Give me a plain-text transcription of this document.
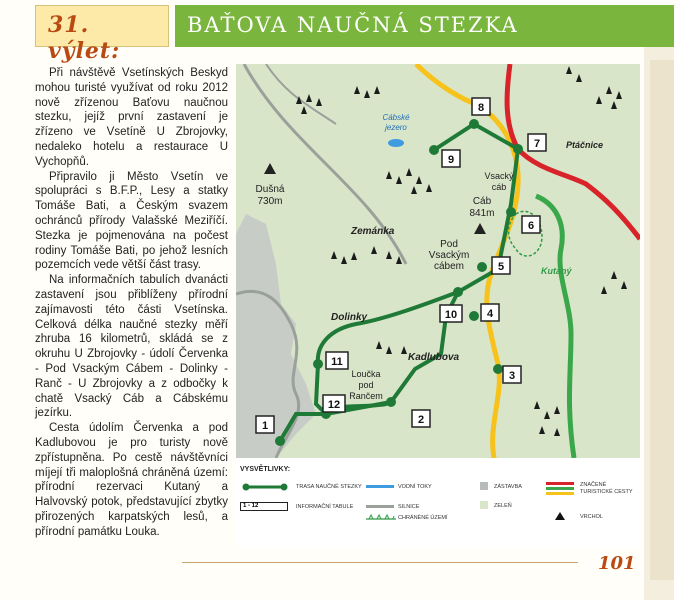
31. výlet:
BAŤOVA NAUČNÁ STEZKA

Při návštěvě Vsetínských Beskyd mohou turisté využívat od roku 2012 nově zřízenou Baťovu naučnou stezku, jejíž první zastavení je zřízeno ve Vsetíně U Zbrojovky, nedaleko hotelu a restaurace U Vychopňů.

Připravilo ji Město Vsetín ve spolupráci s B.F.P., Lesy a statky Tomáše Bati, a Českým svazem ochránců přírody Valašské Meziříčí. Stezka je pojmenována na počest rodiny Tomáše Bati, po jehož lesních pozemcích vede větší část trasy.

Na informačních tabulích dvanácti zastavení jsou přiblíženy přírodní zajímavosti této části Vsetínska. Celková délka naučné stezky měří zhruba 16 kilometrů, skládá se z okruhu U Zbrojovky - údolí Červenka - Pod Vsackým Cábem - Dolinky - Ranč - U Zbrojovky a z odbočky k chatě Vsacký Cáb a Cábskému jezírku.

Cesta údolím Červenka a pod Kadlubovou je pro turisty nově zpřístupněna. Po cestě návštěvníci míjejí tři maloplošná chráněná území: přírodní rezervaci Kutaný a Halvovský potok, představující zbytky přirozených karpatských lesů, a přírodní památku Louka.

Cábské
jezero
Ptáčnice
Dušná
730m
Vsacký
cáb
Cáb
841m
Zemánka
Pod
Vsackým
cábem	Kutaný
Dolinky
Kadlubova
Loučka
pod
Rančem
1	2
3
4
5
6
7
8
9
10
11
12
VYSVĚTLIVKY:
TRASA NAUČNÉ STEZKY
1 - 12	INFORMAČNÍ TABULE
VODNÍ TOKY
SILNICE
CHRÁNĚNÉ ÚZEMÍ
ZÁSTAVBA
ZELEŇ
ZNAČENÉ
TURISTICKÉ CESTY
VRCHOL
101
